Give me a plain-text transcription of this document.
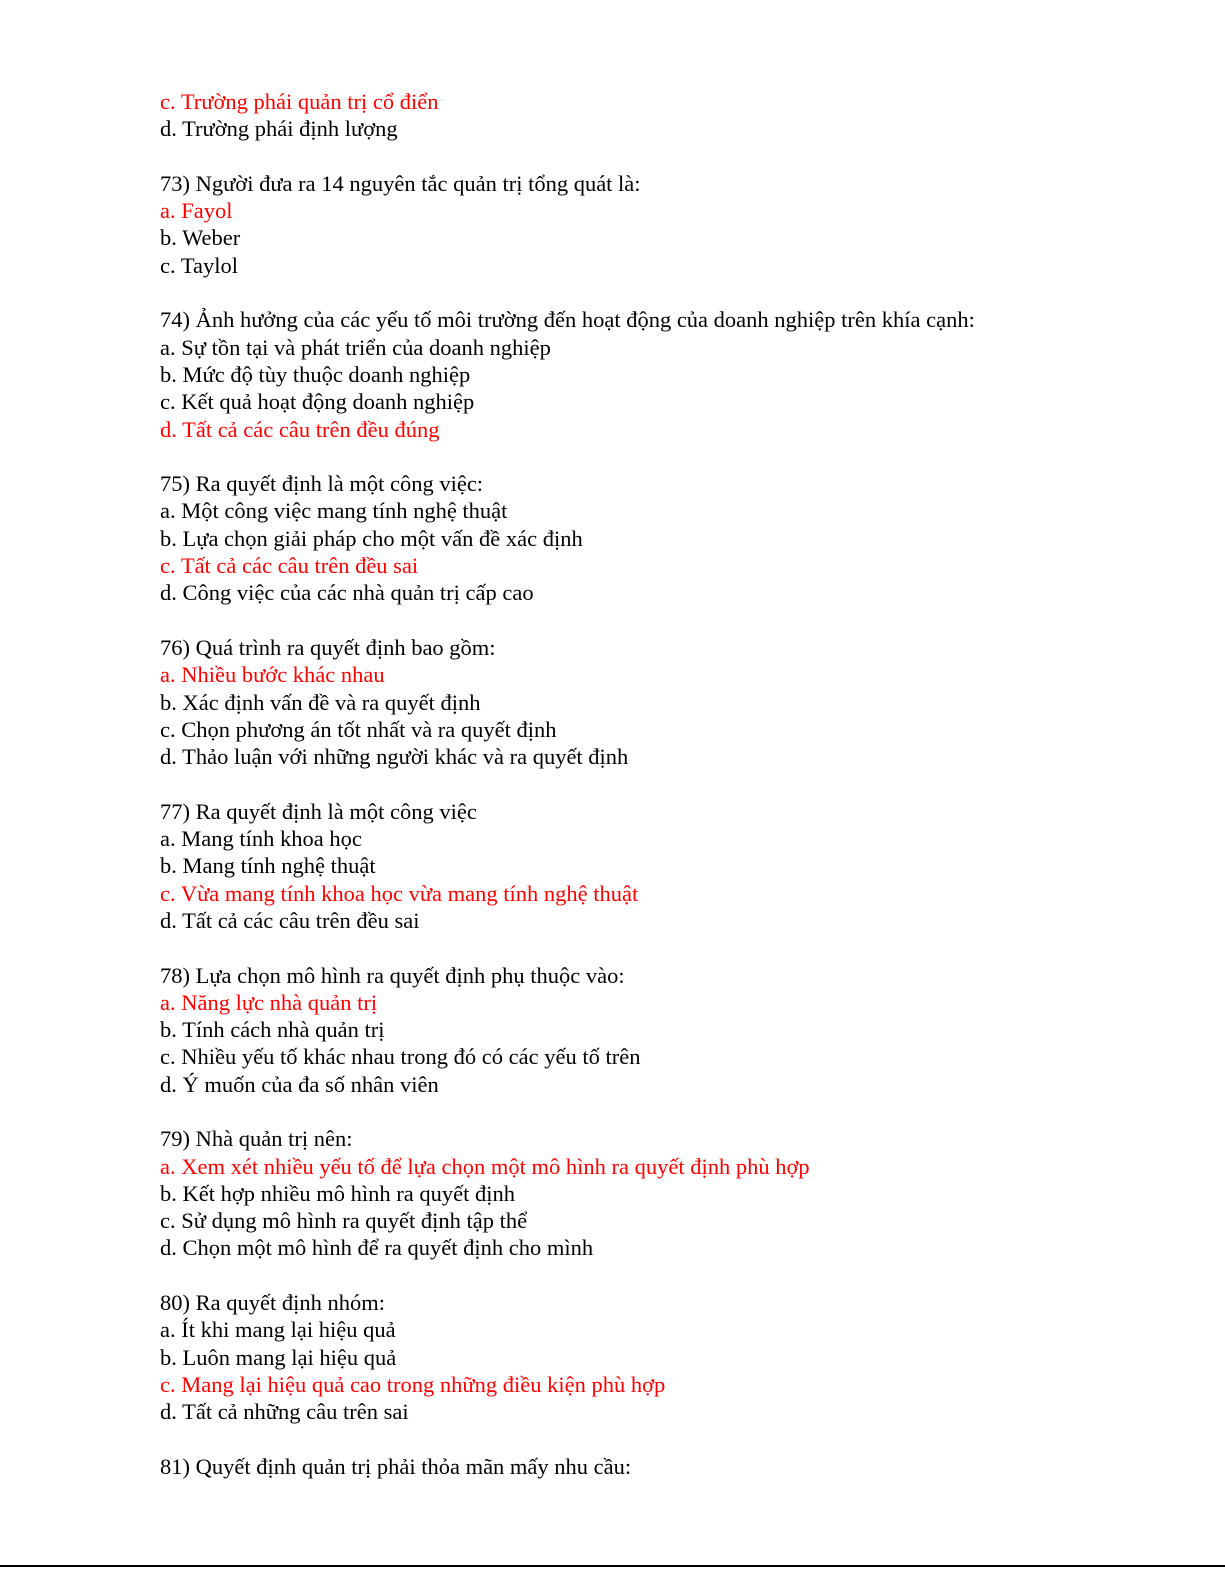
c. Trường phái quản trị cổ điển
d. Trường phái định lượng
73) Người đưa ra 14 nguyên tắc quản trị tổng quát là:
a. Fayol
b. Weber
c. Taylol
74) Ảnh hưởng của các yếu tố môi trường đến hoạt động của doanh nghiệp trên khía cạnh:
a. Sự tồn tại và phát triển của doanh nghiệp
b. Mức độ tùy thuộc doanh nghiệp
c. Kết quả hoạt động doanh nghiệp
d. Tất cả các câu trên đều đúng
75) Ra quyết định là một công việc:
a. Một công việc mang tính nghệ thuật
b. Lựa chọn giải pháp cho một vấn đề xác định
c. Tất cả các câu trên đều sai
d. Công việc của các nhà quản trị cấp cao
76) Quá trình ra quyết định bao gồm:
a. Nhiều bước khác nhau
b. Xác định vấn đề và ra quyết định
c. Chọn phương án tốt nhất và ra quyết định
d. Thảo luận với những người khác và ra quyết định
77) Ra quyết định là một công việc
a. Mang tính khoa học
b. Mang tính nghệ thuật
c. Vừa mang tính khoa học vừa mang tính nghệ thuật
d. Tất cả các câu trên đều sai
78) Lựa chọn mô hình ra quyết định phụ thuộc vào:
a. Năng lực nhà quản trị
b. Tính cách nhà quản trị
c. Nhiều yếu tố khác nhau trong đó có các yếu tố trên
d. Ý muốn của đa số nhân viên
79) Nhà quản trị nên:
a. Xem xét nhiều yếu tố để lựa chọn một mô hình ra quyết định phù hợp
b. Kết hợp nhiều mô hình ra quyết định
c. Sử dụng mô hình ra quyết định tập thể
d. Chọn một mô hình để ra quyết định cho mình
80) Ra quyết định nhóm:
a. Ít khi mang lại hiệu quả
b. Luôn mang lại hiệu quả
c. Mang lại hiệu quả cao trong những điều kiện phù hợp
d. Tất cả những câu trên sai
81) Quyết định quản trị phải thỏa mãn mấy nhu cầu:
